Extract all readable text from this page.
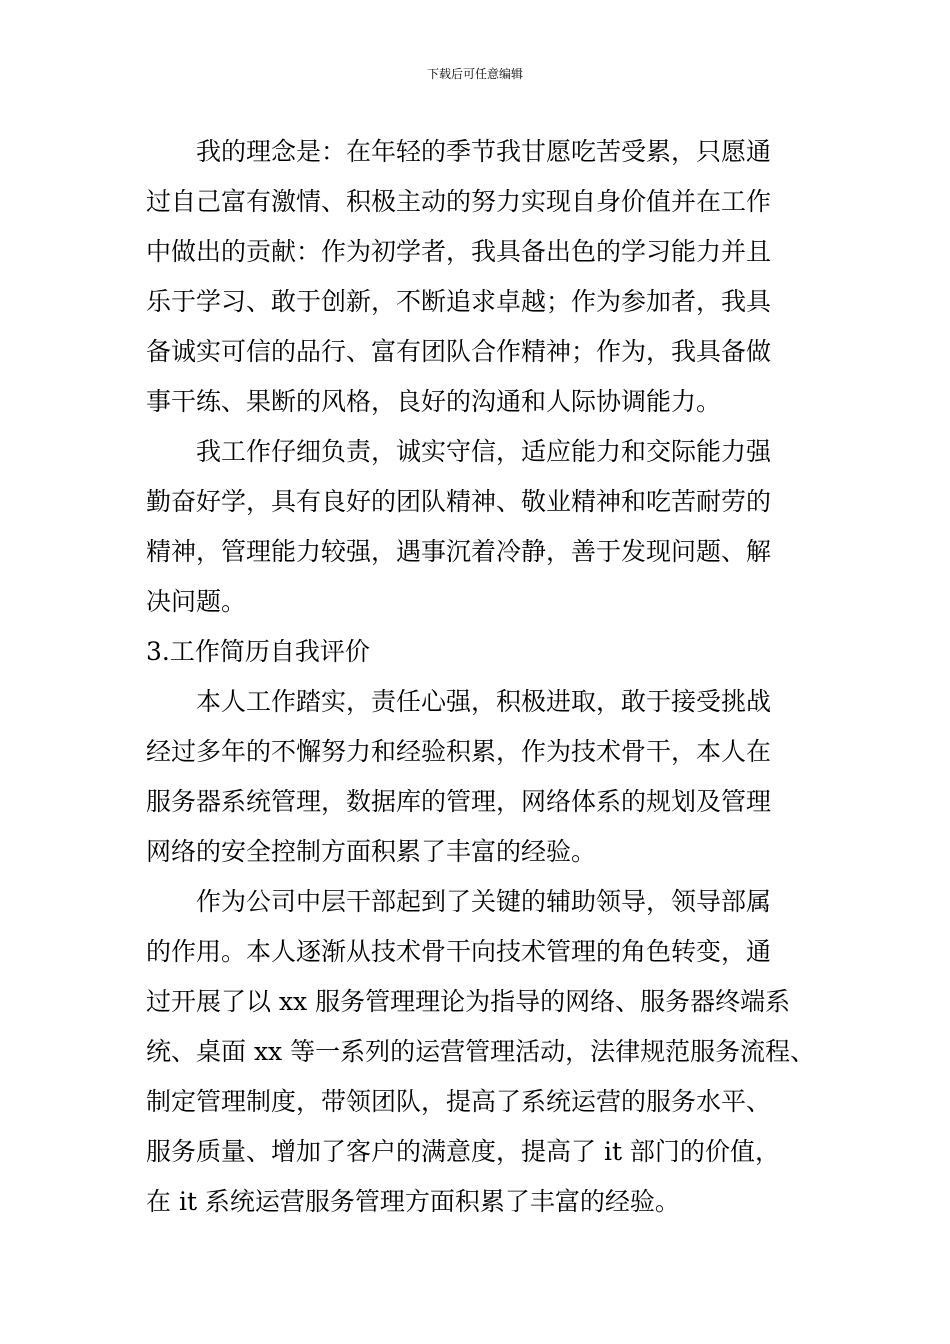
下载后可任意编辑
我的理念是：在年轻的季节我甘愿吃苦受累，只愿通
过自己富有激情、积极主动的努力实现自身价值并在工作
中做出的贡献：作为初学者，我具备出色的学习能力并且
乐于学习、敢于创新，不断追求卓越；作为参加者，我具
备诚实可信的品行、富有团队合作精神；作为，我具备做
事干练、果断的风格，良好的沟通和人际协调能力。
我工作仔细负责，诚实守信，适应能力和交际能力强
勤奋好学，具有良好的团队精神、敬业精神和吃苦耐劳的
精神，管理能力较强，遇事沉着冷静，善于发现问题、解
决问题。
3.工作简历自我评价
本人工作踏实，责任心强，积极进取，敢于接受挑战
经过多年的不懈努力和经验积累，作为技术骨干，本人在
服务器系统管理，数据库的管理，网络体系的规划及管理
网络的安全控制方面积累了丰富的经验。
作为公司中层干部起到了关键的辅助领导，领导部属
的作用。本人逐渐从技术骨干向技术管理的角色转变，通
过开展了以 xx 服务管理理论为指导的网络、服务器终端系
统、桌面 xx 等一系列的运营管理活动，法律规范服务流程、
制定管理制度，带领团队，提高了系统运营的服务水平、
服务质量、增加了客户的满意度，提高了 it 部门的价值，
在 it 系统运营服务管理方面积累了丰富的经验。
